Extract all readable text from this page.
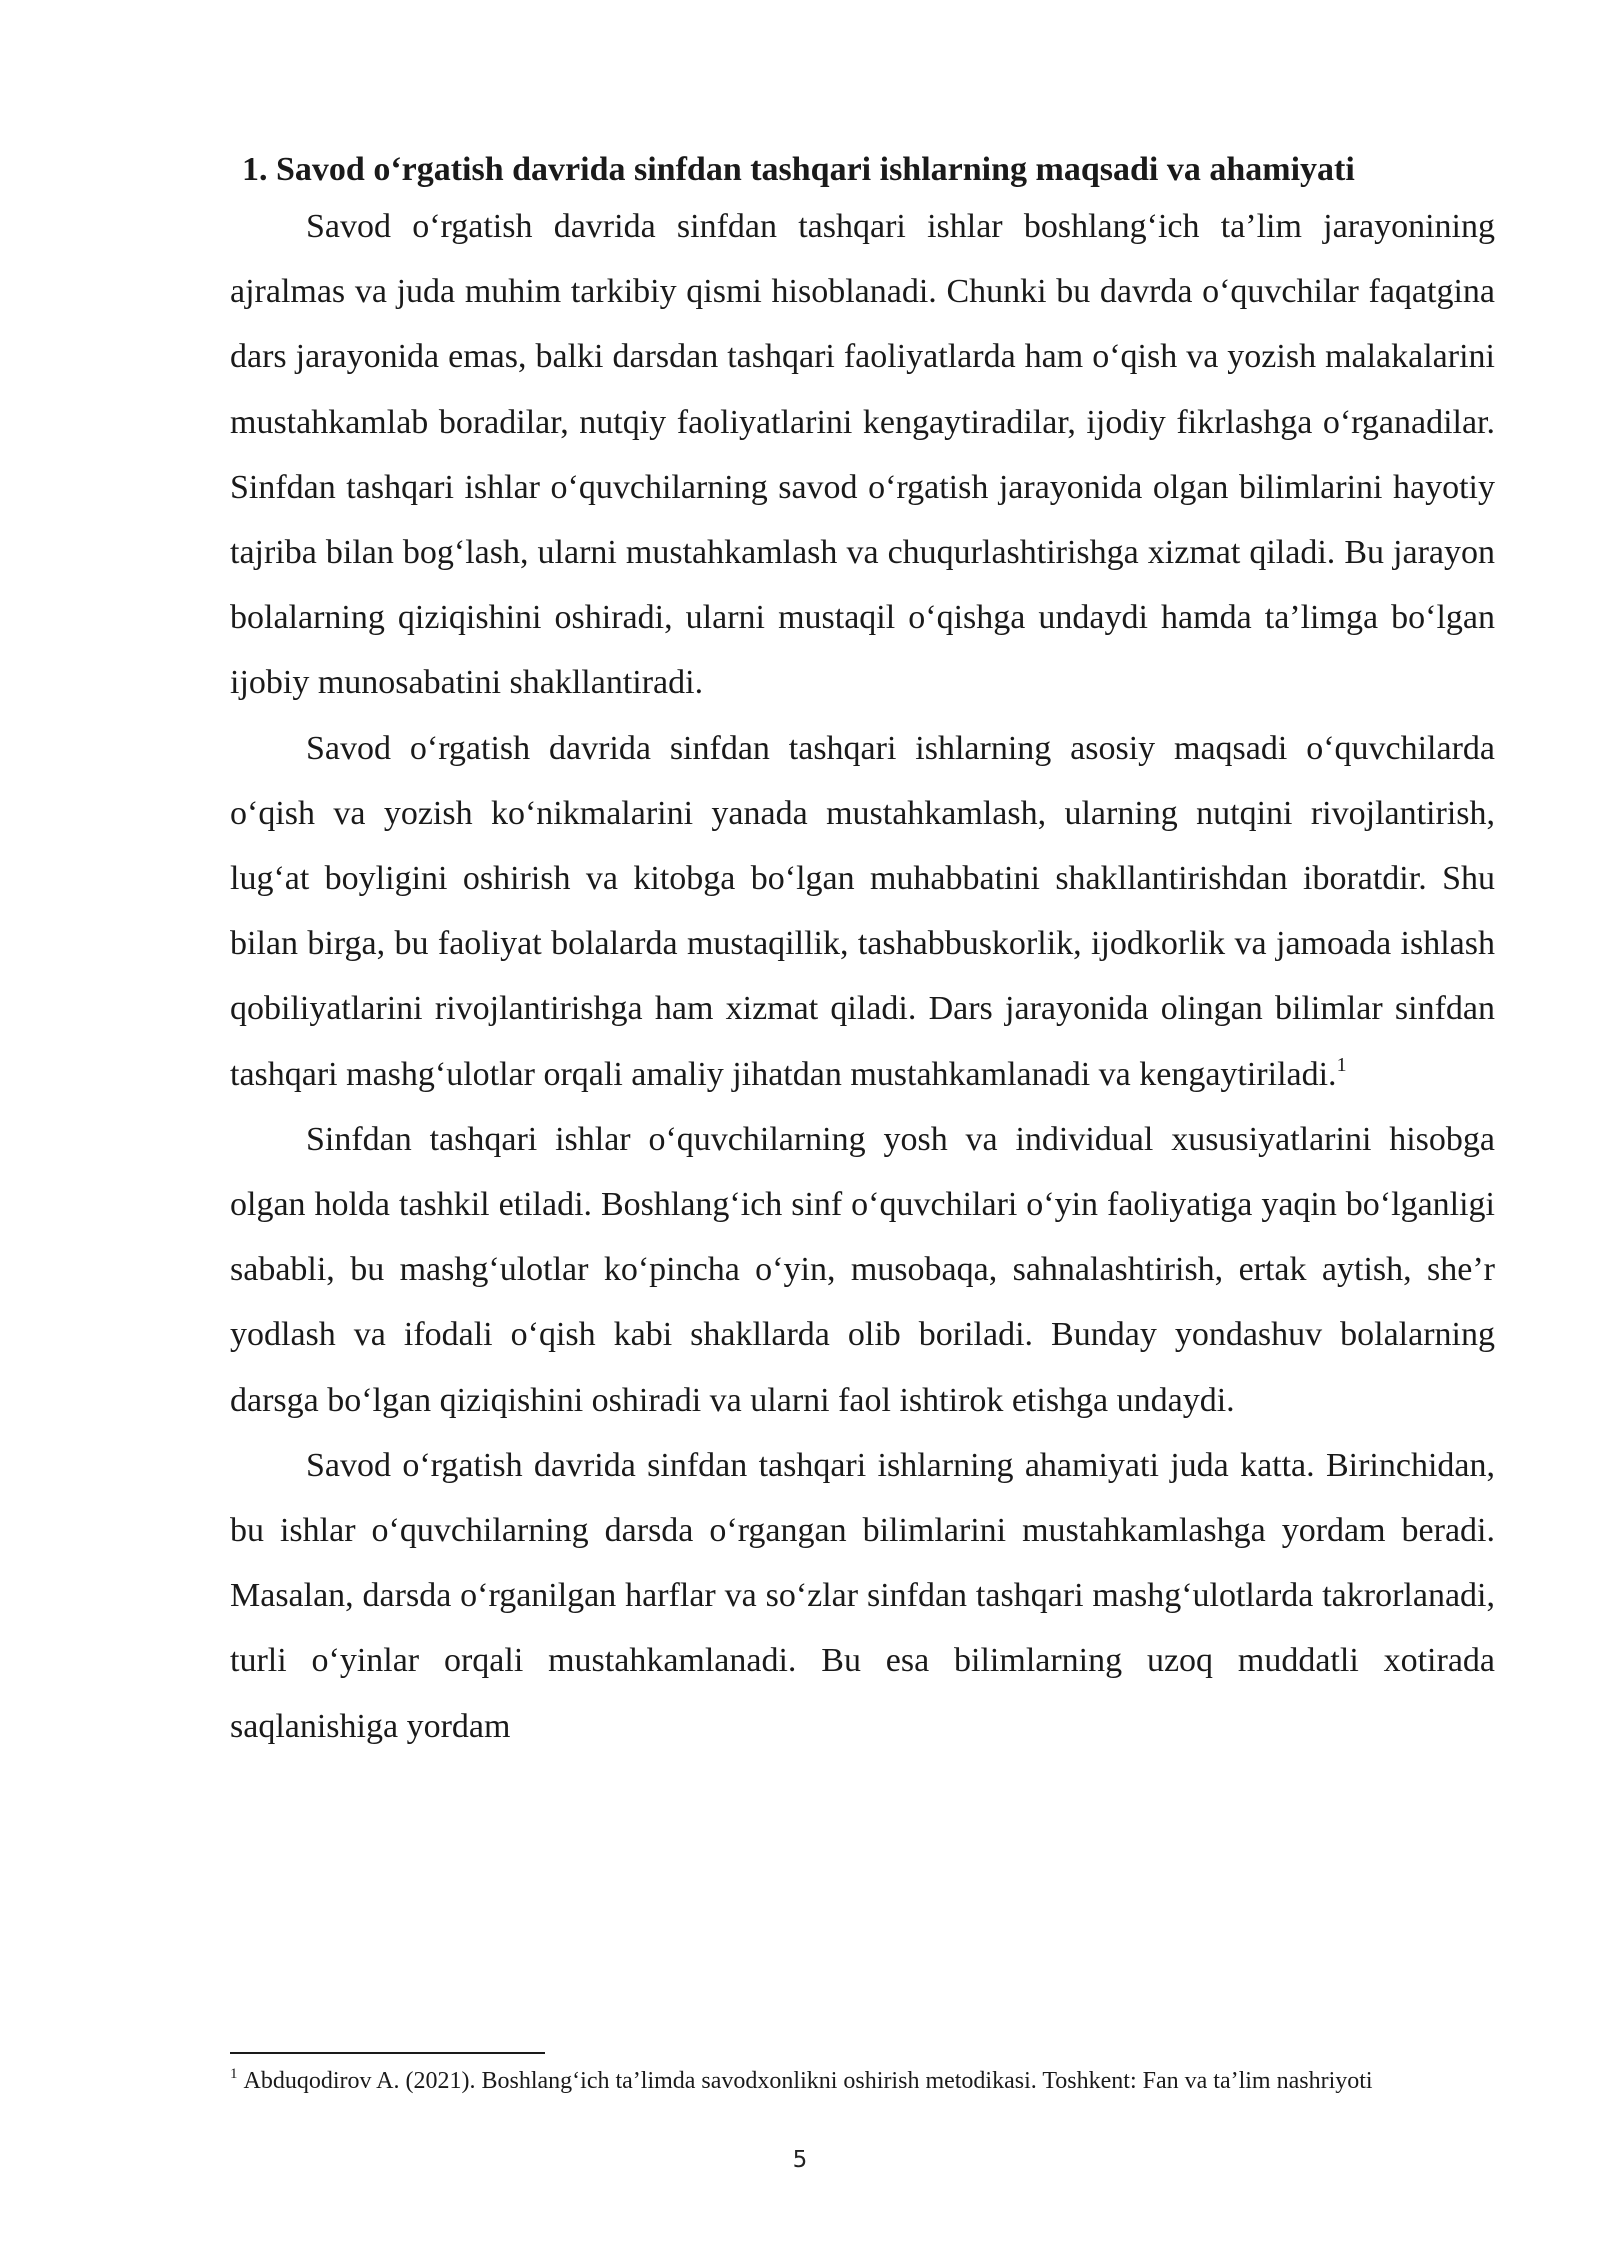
1. Savod o‘rgatish davrida sinfdan tashqari ishlarning maqsadi va ahamiyati

Savod o‘rgatish davrida sinfdan tashqari ishlar boshlang‘ich ta’lim jarayonining ajralmas va juda muhim tarkibiy qismi hisoblanadi. Chunki bu davrda o‘quvchilar faqatgina dars jarayonida emas, balki darsdan tashqari faoliyatlarda ham o‘qish va yozish malakalarini mustahkamlab boradilar, nutqiy faoliyatlarini kengaytiradilar, ijodiy fikrlashga o‘rganadilar. Sinfdan tashqari ishlar o‘quvchilarning savod o‘rgatish jarayonida olgan bilimlarini hayotiy tajriba bilan bog‘lash, ularni mustahkamlash va chuqurlashtirishga xizmat qiladi. Bu jarayon bolalarning qiziqishini oshiradi, ularni mustaqil o‘qishga undaydi hamda ta’limga bo‘lgan ijobiy munosabatini shakllantiradi.

Savod o‘rgatish davrida sinfdan tashqari ishlarning asosiy maqsadi o‘quvchilarda o‘qish va yozish ko‘nikmalarini yanada mustahkamlash, ularning nutqini rivojlantirish, lug‘at boyligini oshirish va kitobga bo‘lgan muhabbatini shakllantirishdan iboratdir. Shu bilan birga, bu faoliyat bolalarda mustaqillik, tashabbuskorlik, ijodkorlik va jamoada ishlash qobiliyatlarini rivojlantirishga ham xizmat qiladi. Dars jarayonida olingan bilimlar sinfdan tashqari mashg‘ulotlar orqali amaliy jihatdan mustahkamlanadi va kengaytiriladi.$^1$

Sinfdan tashqari ishlar o‘quvchilarning yosh va individual xususiyatlarini hisobga olgan holda tashkil etiladi. Boshlang‘ich sinf o‘quvchilari o‘yin faoliyatiga yaqin bo‘lganligi sababli, bu mashg‘ulotlar ko‘pincha o‘yin, musobaqa, sahnalashtirish, ertak aytish, she’r yodlash va ifodali o‘qish kabi shakllarda olib boriladi. Bunday yondashuv bolalarning darsga bo‘lgan qiziqishini oshiradi va ularni faol ishtirok etishga undaydi.

Savod o‘rgatish davrida sinfdan tashqari ishlarning ahamiyati juda katta. Birinchidan, bu ishlar o‘quvchilarning darsda o‘rgangan bilimlarini mustahkamlashga yordam beradi. Masalan, darsda o‘rganilgan harflar va so‘zlar sinfdan tashqari mashg‘ulotlarda takrorlanadi, turli o‘yinlar orqali mustahkamlanadi. Bu esa bilimlarning uzoq muddatli xotirada saqlanishiga yordam

$^1$ Abduqodirov A. (2021). Boshlang‘ich ta’limda savodxonlikni oshirish metodikasi. Toshkent: Fan va ta’lim nashriyoti
5
